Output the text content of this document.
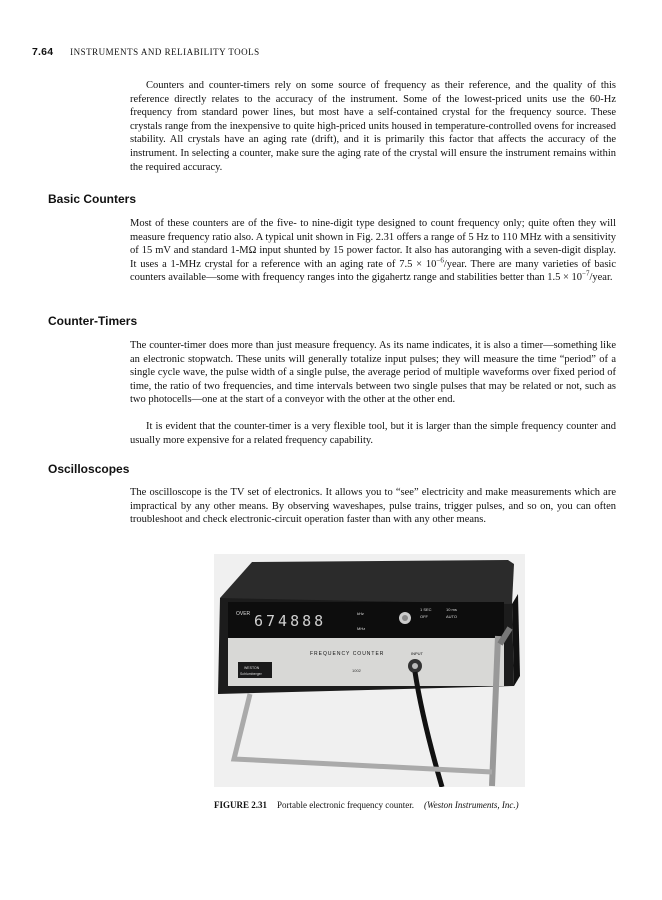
7.64 INSTRUMENTS AND RELIABILITY TOOLS

Counters and counter-timers rely on some source of frequency as their reference, and the quality of this reference directly relates to the accuracy of the instrument. Some of the lowest-priced units use the 60-Hz frequency from standard power lines, but most have a self-contained crystal for the frequency source. These crystals range from the inexpensive to quite high-priced units housed in temperature-controlled ovens for increased stability. All crystals have an aging rate (drift), and it is primarily this factor that affects the accuracy of the instrument. In selecting a counter, make sure the aging rate of the crystal will ensure the instrument remains within the required accuracy.

Basic Counters

Most of these counters are of the five- to nine-digit type designed to count frequency only; quite often they will measure frequency ratio also. A typical unit shown in Fig. 2.31 offers a range of 5 Hz to 110 MHz with a sensitivity of 15 mV and standard 1-MΩ input shunted by 15 power factor. It also has autoranging with a seven-digit display. It uses a 1-MHz crystal for a reference with an aging rate of $7.5 \times 10^{-6}$/year. There are many varieties of basic counters available—some with frequency ranges into the gigahertz range and stabilities better than $1.5 \times 10^{-7}$/year.

Counter-Timers

The counter-timer does more than just measure frequency. As its name indicates, it is also a timer—something like an electronic stopwatch. These units will generally totalize input pulses; they will measure the time “period” of a single cycle wave, the pulse width of a single pulse, the average period of multiple waveforms over fixed period of time, the ratio of two frequencies, and time intervals between two single pulses that may be related or not, such as two photocells—one at the start of a conveyor with the other at the other end.

It is evident that the counter-timer is a very flexible tool, but it is larger than the simple frequency counter and usually more expensive for a related frequency capability.

Oscilloscopes

The oscilloscope is the TV set of electronics. It allows you to “see” electricity and make measurements which are impractical by any other means. By observing waveshapes, pulse trains, trigger pulses, and so on, you can often troubleshoot and check electronic-circuit operation faster than with any other means.

OVER 674888	kHz
MHz
1 SEC
OFF
10 ms
AUTO
FREQUENCY COUNTER
1002
WESTON
Schlumberger
INPUT
FIGURE 2.31 Portable electronic frequency counter. (Weston Instruments, Inc.)
